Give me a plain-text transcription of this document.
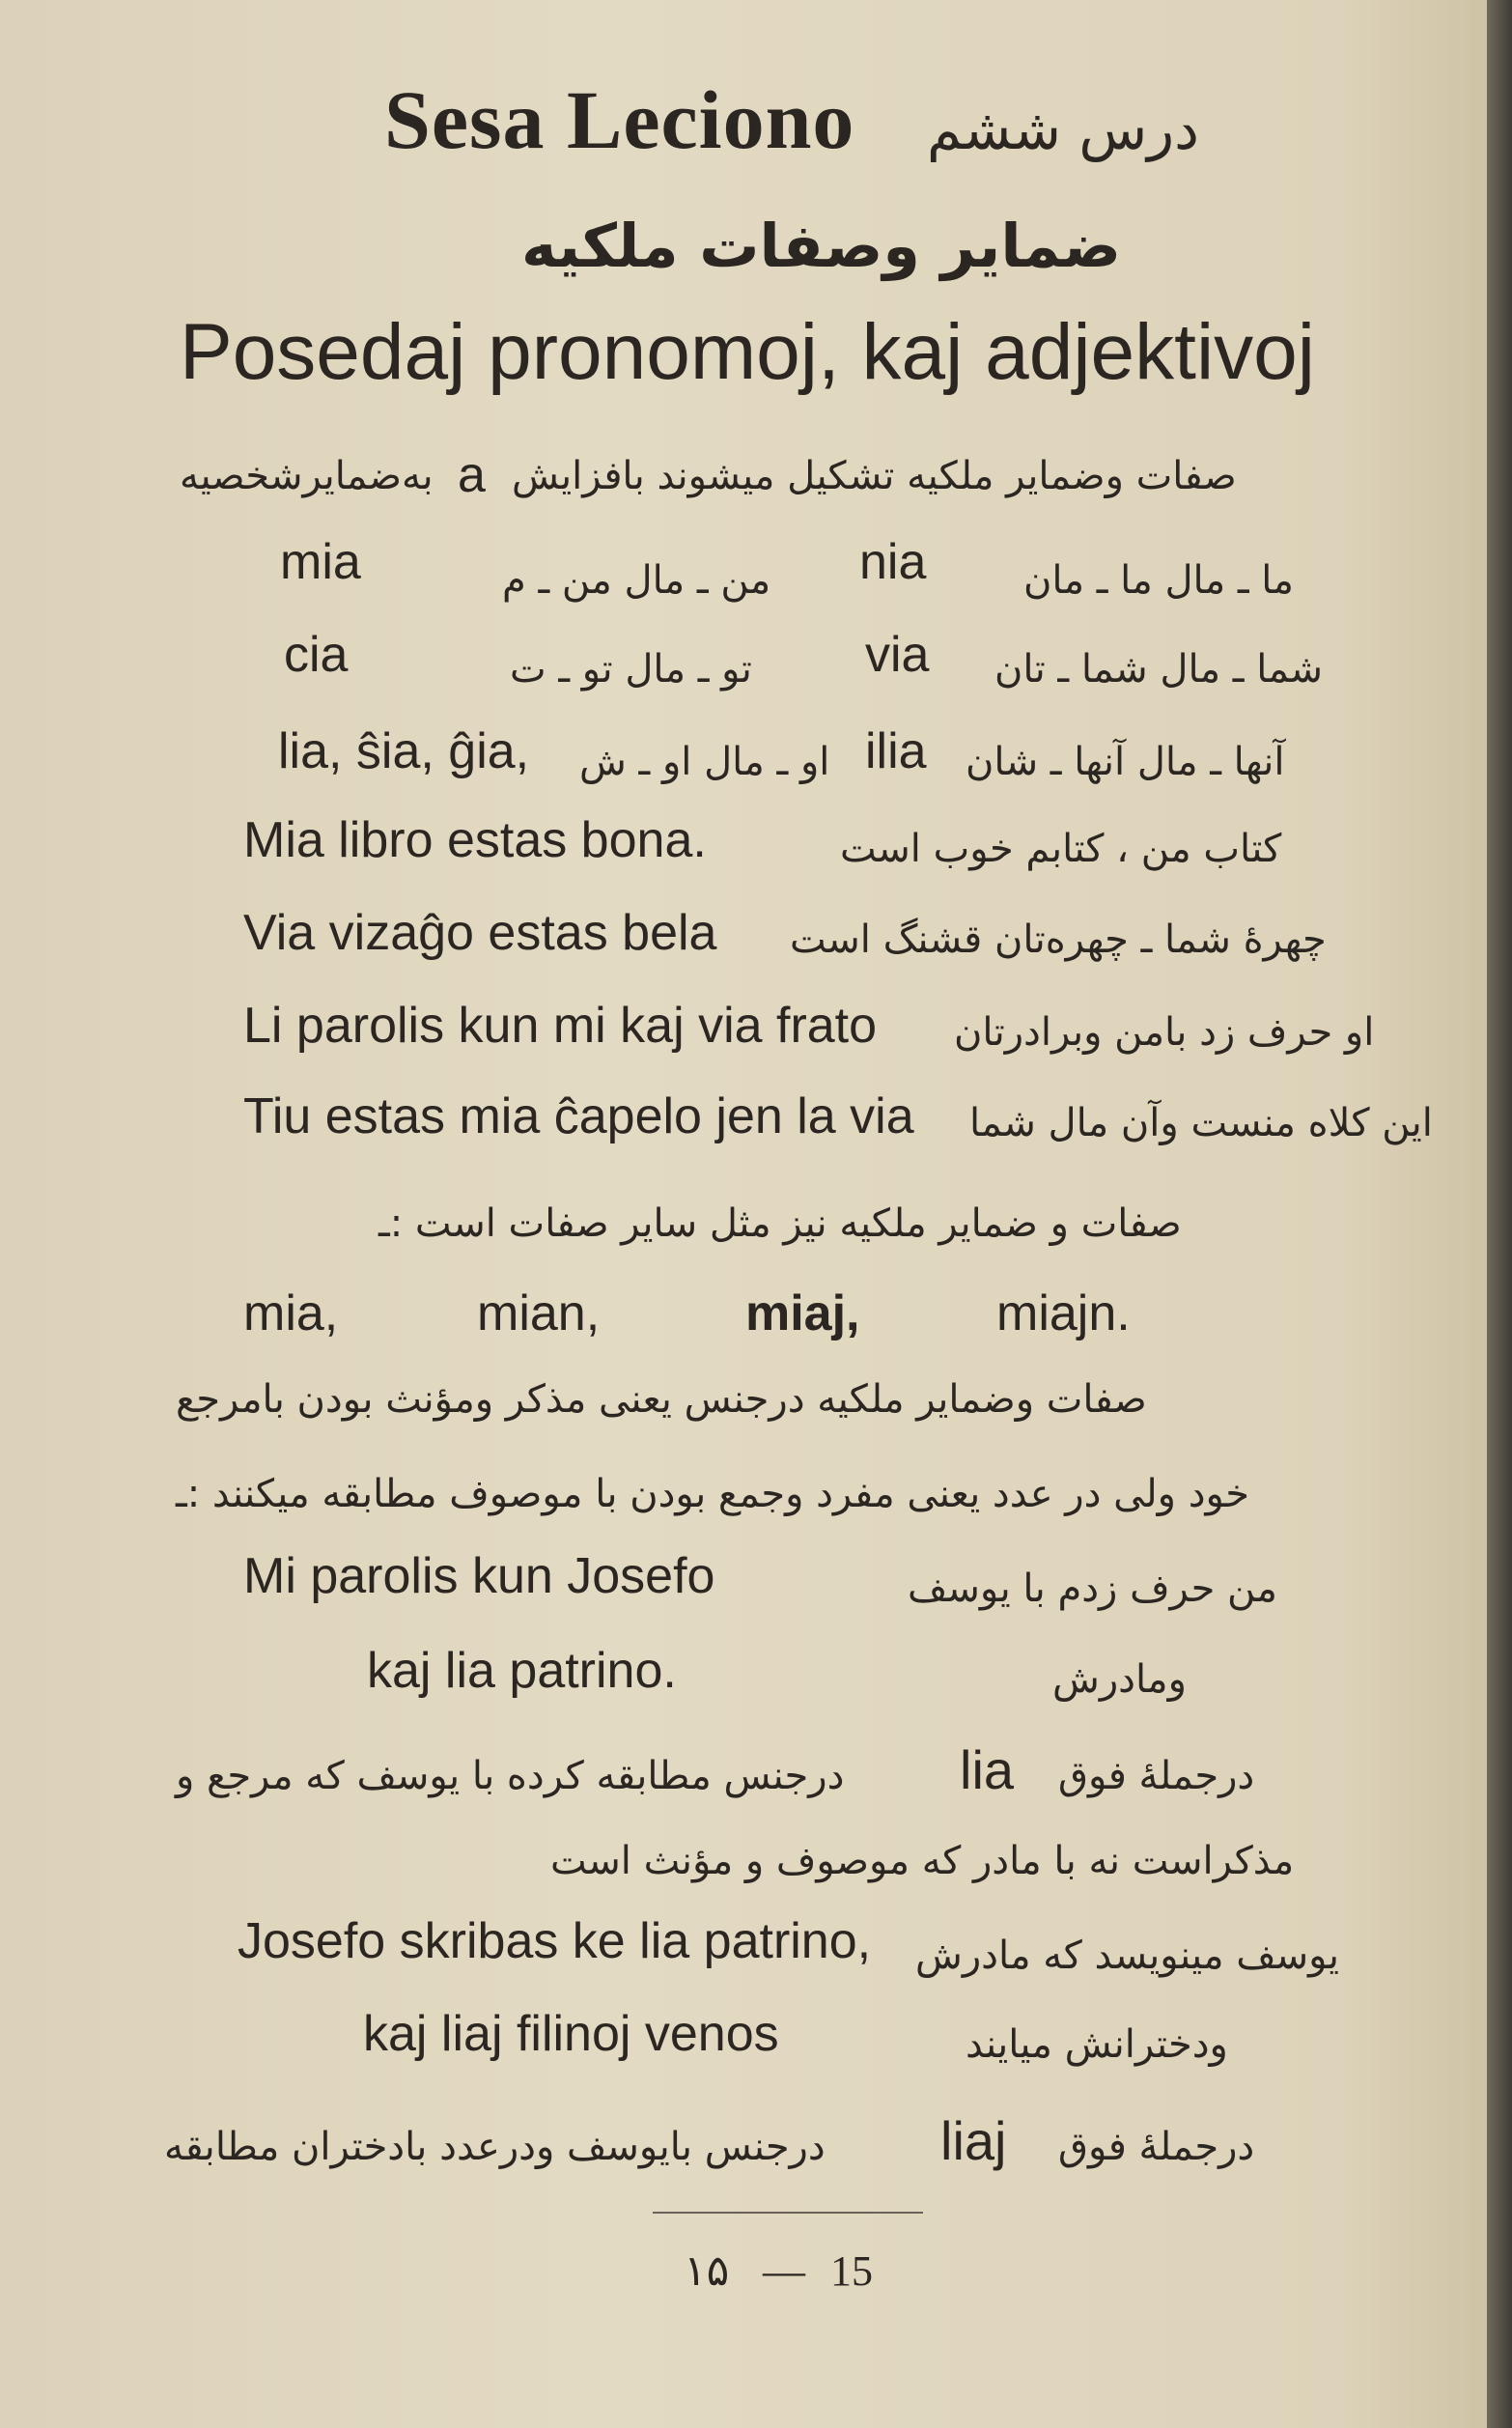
Sesa Leciono درس ششم
ضمایر وصفات ملکیه
Posedaj pronomoj, kaj adjektivoj
به‌ضمایرشخصیه a صفات وضمایر ملکیه تشکیل میشوند بافزایش
mia	من ـ مال من ـ م nia	ما ـ مال ما ـ مان
cia	تو ـ مال تو ـ ت via شما ـ مال شما ـ تان
lia, ŝia, ĝia, او ـ مال او ـ ش ilia آنها ـ مال آنها ـ شان
Mia libro estas bona.	کتاب من ، کتابم خوب است
Via vizaĝo estas bela چهرهٔ شما ـ چهره‌تان قشنگ است
Li parolis kun mi kaj via frato او حرف زد بامن وبرادرتان
Tiu estas mia ĉapelo jen la via این کلاه منست وآن مال شما
صفات و ضمایر ملکیه نیز مثل سایر صفات است :ـ
mia,	mian,	miaj,	miajn.
صفات وضمایر ملکیه درجنس یعنی مذکر ومؤنث بودن بامرجع
خود ولی در عدد یعنی مفرد وجمع بودن با موصوف مطابقه میکنند :ـ
Mi parolis kun Josefo	من حرف زدم با یوسف
kaj lia patrino.	ومادرش
درجنس مطابقه کرده با یوسف که مرجع و lia درجملهٔ فوق
مذکراست نه با مادر که موصوف و مؤنث است
Josefo skribas ke lia patrino, یوسف مینویسد که مادرش
kaj liaj filinoj venos	ودخترانش میایند
درجنس بایوسف ودرعدد بادختران مطابقه liaj درجملهٔ فوق
۱۵ — 15
